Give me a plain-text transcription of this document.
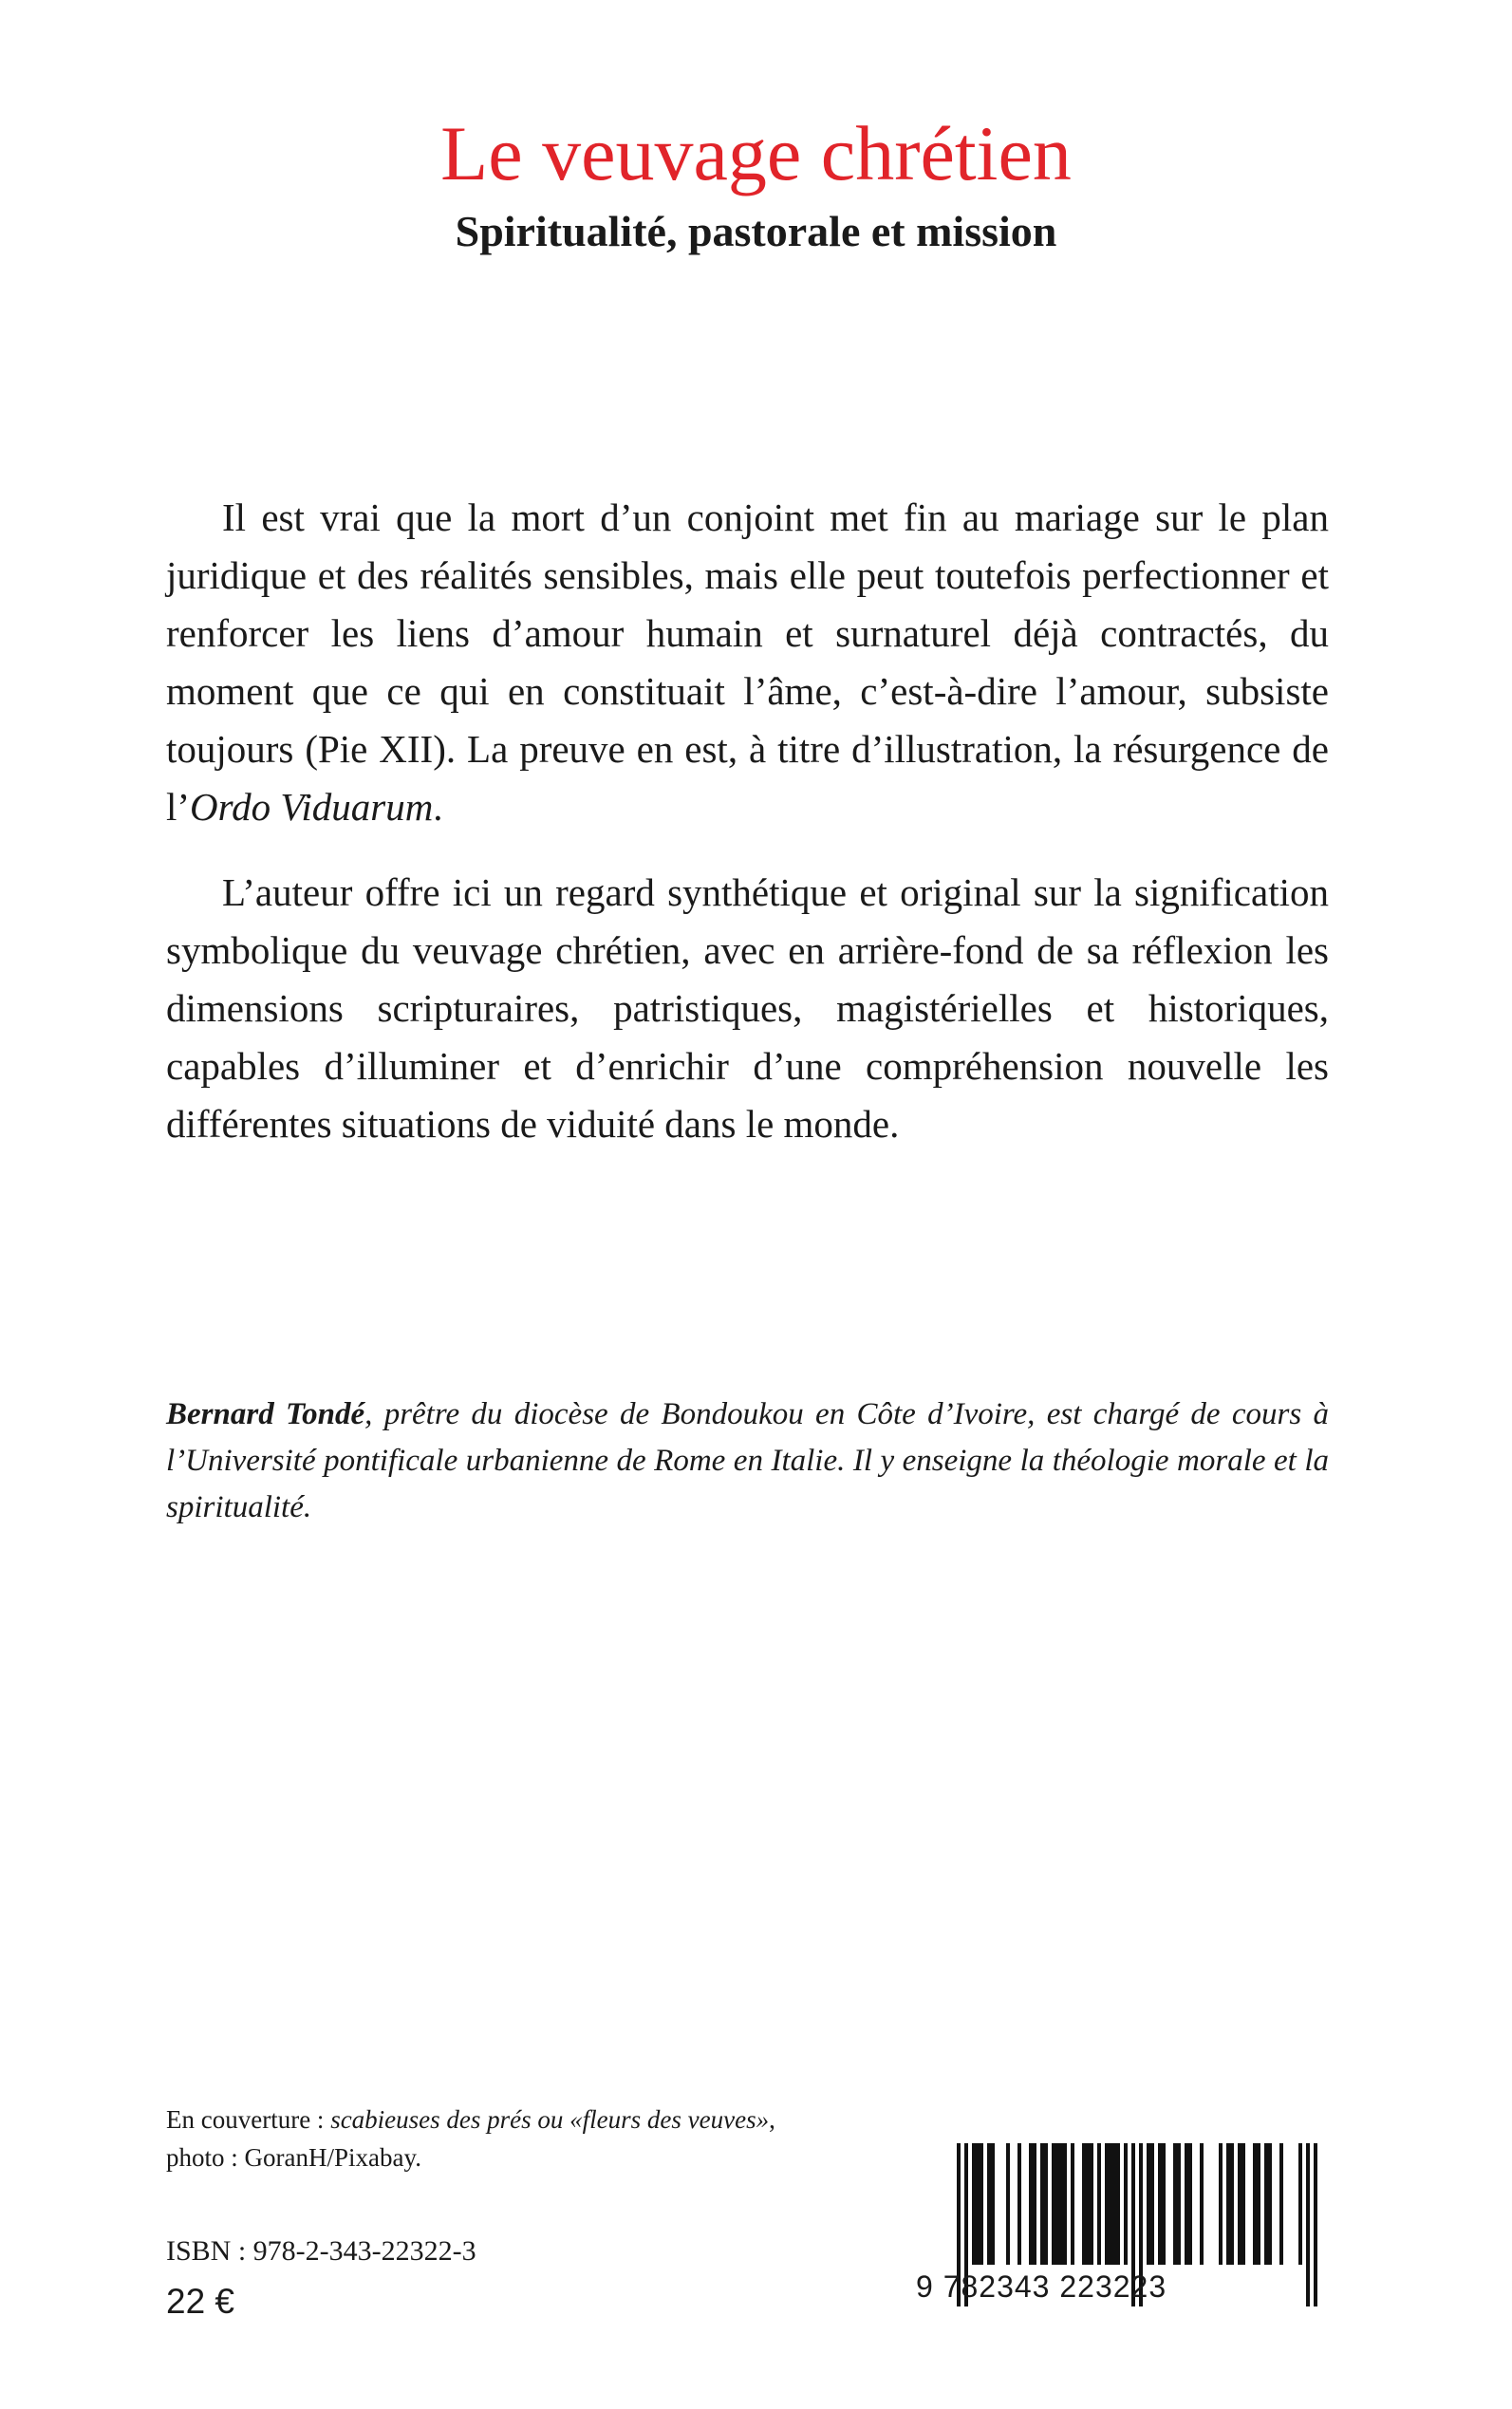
Le veuvage chrétien
Spiritualité, pastorale et mission

Il est vrai que la mort d’un conjoint met fin au mariage sur le plan juridique et des réalités sensibles, mais elle peut toutefois perfectionner et renforcer les liens d’amour humain et surnaturel déjà contractés, du moment que ce qui en constituait l’âme, c’est-à-dire l’amour, subsiste toujours (Pie XII). La preuve en est, à titre d’illustration, la résurgence de l’Ordo Viduarum.

L’auteur offre ici un regard synthétique et original sur la signification symbolique du veuvage chrétien, avec en arrière-fond de sa réflexion les dimensions scripturaires, patristiques, magistérielles et historiques, capables d’illuminer et d’enrichir d’une compréhension nouvelle les différentes situations de viduité dans le monde.

Bernard Tondé, prêtre du diocèse de Bondoukou en Côte d’Ivoire, est chargé de cours à l’Université pontificale urbanienne de Rome en Italie. Il y enseigne la théologie morale et la spiritualité.

En couverture : scabieuses des prés ou «fleurs des veuves»,
photo : GoranH/Pixabay.

ISBN : 978-2-343-22322-3

22 €	9 782343 223223
